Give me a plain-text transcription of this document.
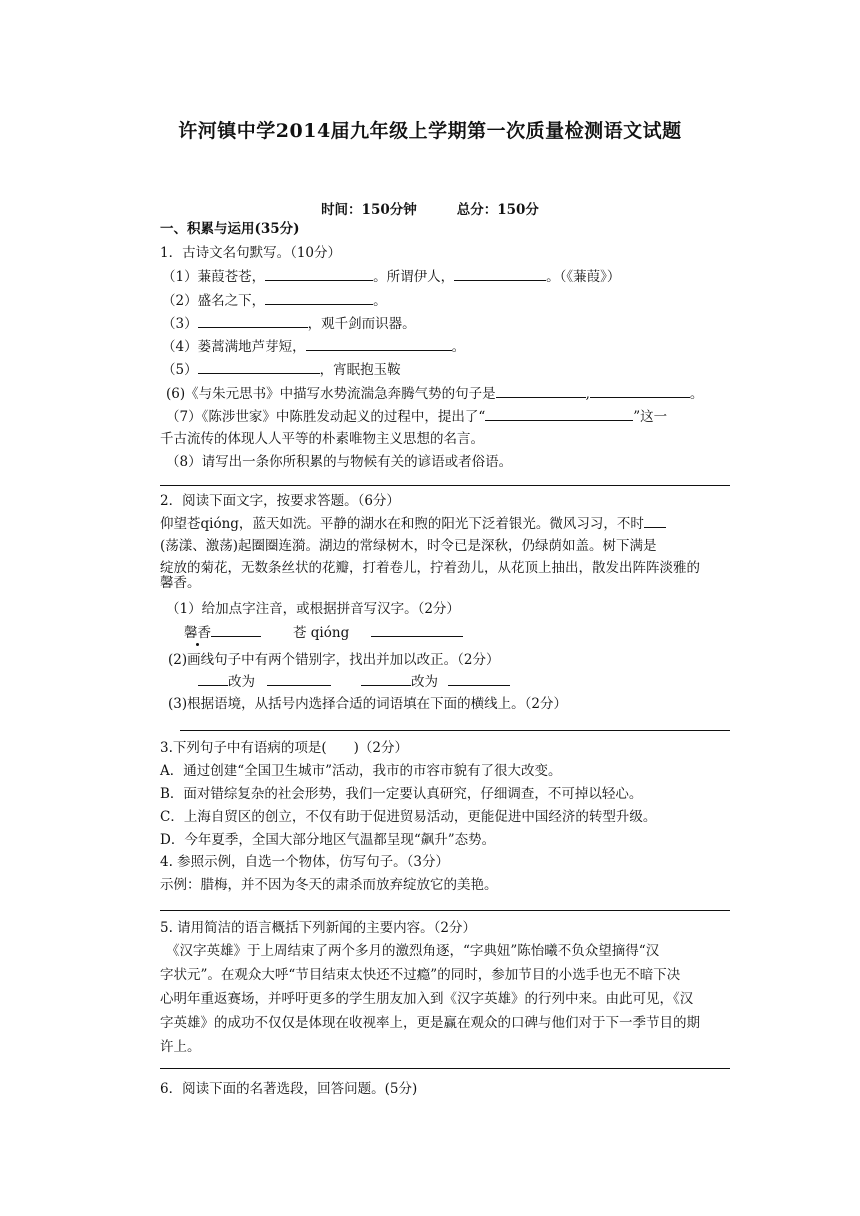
许河镇中学2014届九年级上学期第一次质量检测语文试题
时间：150分钟	总分：150分
一、积累与运用(35分)
1．古诗文名句默写。（10分）
（1）蒹葭苍苍，	。所谓伊人，	。（《蒹葭》）
（2）盛名之下，	。
（3）	，观千剑而识器。
（4）蒌蒿满地芦芽短，	。
（5）	，宵眠抱玉鞍
(6)《与朱元思书》中描写水势流湍急奔腾气势的句子是	,	。
（7）《陈涉世家》中陈胜发动起义的过程中，提出了“	”这一
千古流传的体现人人平等的朴素唯物主义思想的名言。
（8）请写出一条你所积累的与物候有关的谚语或者俗语。
2．阅读下面文字，按要求答题。（6分）
仰望苍qióng，蓝天如洗。平静的湖水在和煦的阳光下泛着银光。微风习习，不时
(荡漾、激荡)起圈圈连漪。湖边的常绿树木，时令已是深秋，仍绿荫如盖。树下满是
绽放的菊花，无数条丝状的花瓣，打着卷儿，拧着劲儿，从花顶上抽出，散发出阵阵淡雅的
馨香。
（1）给加点字注音，或根据拼音写汉字。（2分）
馨香	苍 qióng
(2)画线句子中有两个错别字，找出并加以改正。（2分）
改为	改为
(3)根据语境，从括号内选择合适的词语填在下面的横线上。（2分）
3.下列句子中有语病的项是(　　)（2分）
A．通过创建“全国卫生城市”活动，我市的市容市貌有了很大改变。
B．面对错综复杂的社会形势，我们一定要认真研究，仔细调查，不可掉以轻心。
C．上海自贸区的创立，不仅有助于促进贸易活动，更能促进中国经济的转型升级。
D．今年夏季，全国大部分地区气温都呈现“飙升”态势。
4. 参照示例，自选一个物体，仿写句子。（3分）
示例：腊梅，并不因为冬天的肃杀而放弃绽放它的美艳。
5. 请用简洁的语言概括下列新闻的主要内容。（2分）
《汉字英雄》于上周结束了两个多月的激烈角逐，“字典妞”陈怡曦不负众望摘得“汉
字状元”。在观众大呼“节目结束太快还不过瘾”的同时，参加节目的小选手也无不暗下决
心明年重返赛场，并呼吁更多的学生朋友加入到《汉字英雄》的行列中来。由此可见，《汉
字英雄》的成功不仅仅是体现在收视率上，更是赢在观众的口碑与他们对于下一季节目的期
许上。
6．阅读下面的名著选段，回答问题。(5分)
